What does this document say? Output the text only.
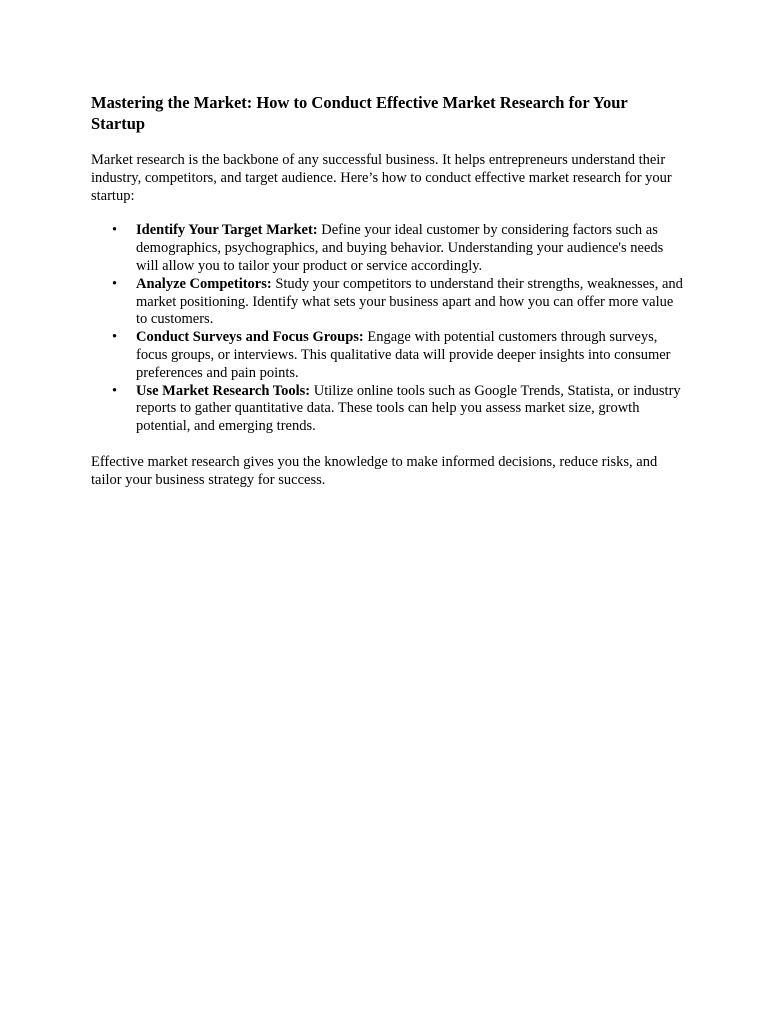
Mastering the Market: How to Conduct Effective Market Research for Your Startup

Market research is the backbone of any successful business. It helps entrepreneurs understand their industry, competitors, and target audience. Here’s how to conduct effective market research for your startup:

• Identify Your Target Market: Define your ideal customer by considering factors such as demographics, psychographics, and buying behavior. Understanding your audience's needs will allow you to tailor your product or service accordingly.
• Analyze Competitors: Study your competitors to understand their strengths, weaknesses, and market positioning. Identify what sets your business apart and how you can offer more value to customers.
• Conduct Surveys and Focus Groups: Engage with potential customers through surveys, focus groups, or interviews. This qualitative data will provide deeper insights into consumer preferences and pain points.
• Use Market Research Tools: Utilize online tools such as Google Trends, Statista, or industry reports to gather quantitative data. These tools can help you assess market size, growth potential, and emerging trends.

Effective market research gives you the knowledge to make informed decisions, reduce risks, and tailor your business strategy for success.
